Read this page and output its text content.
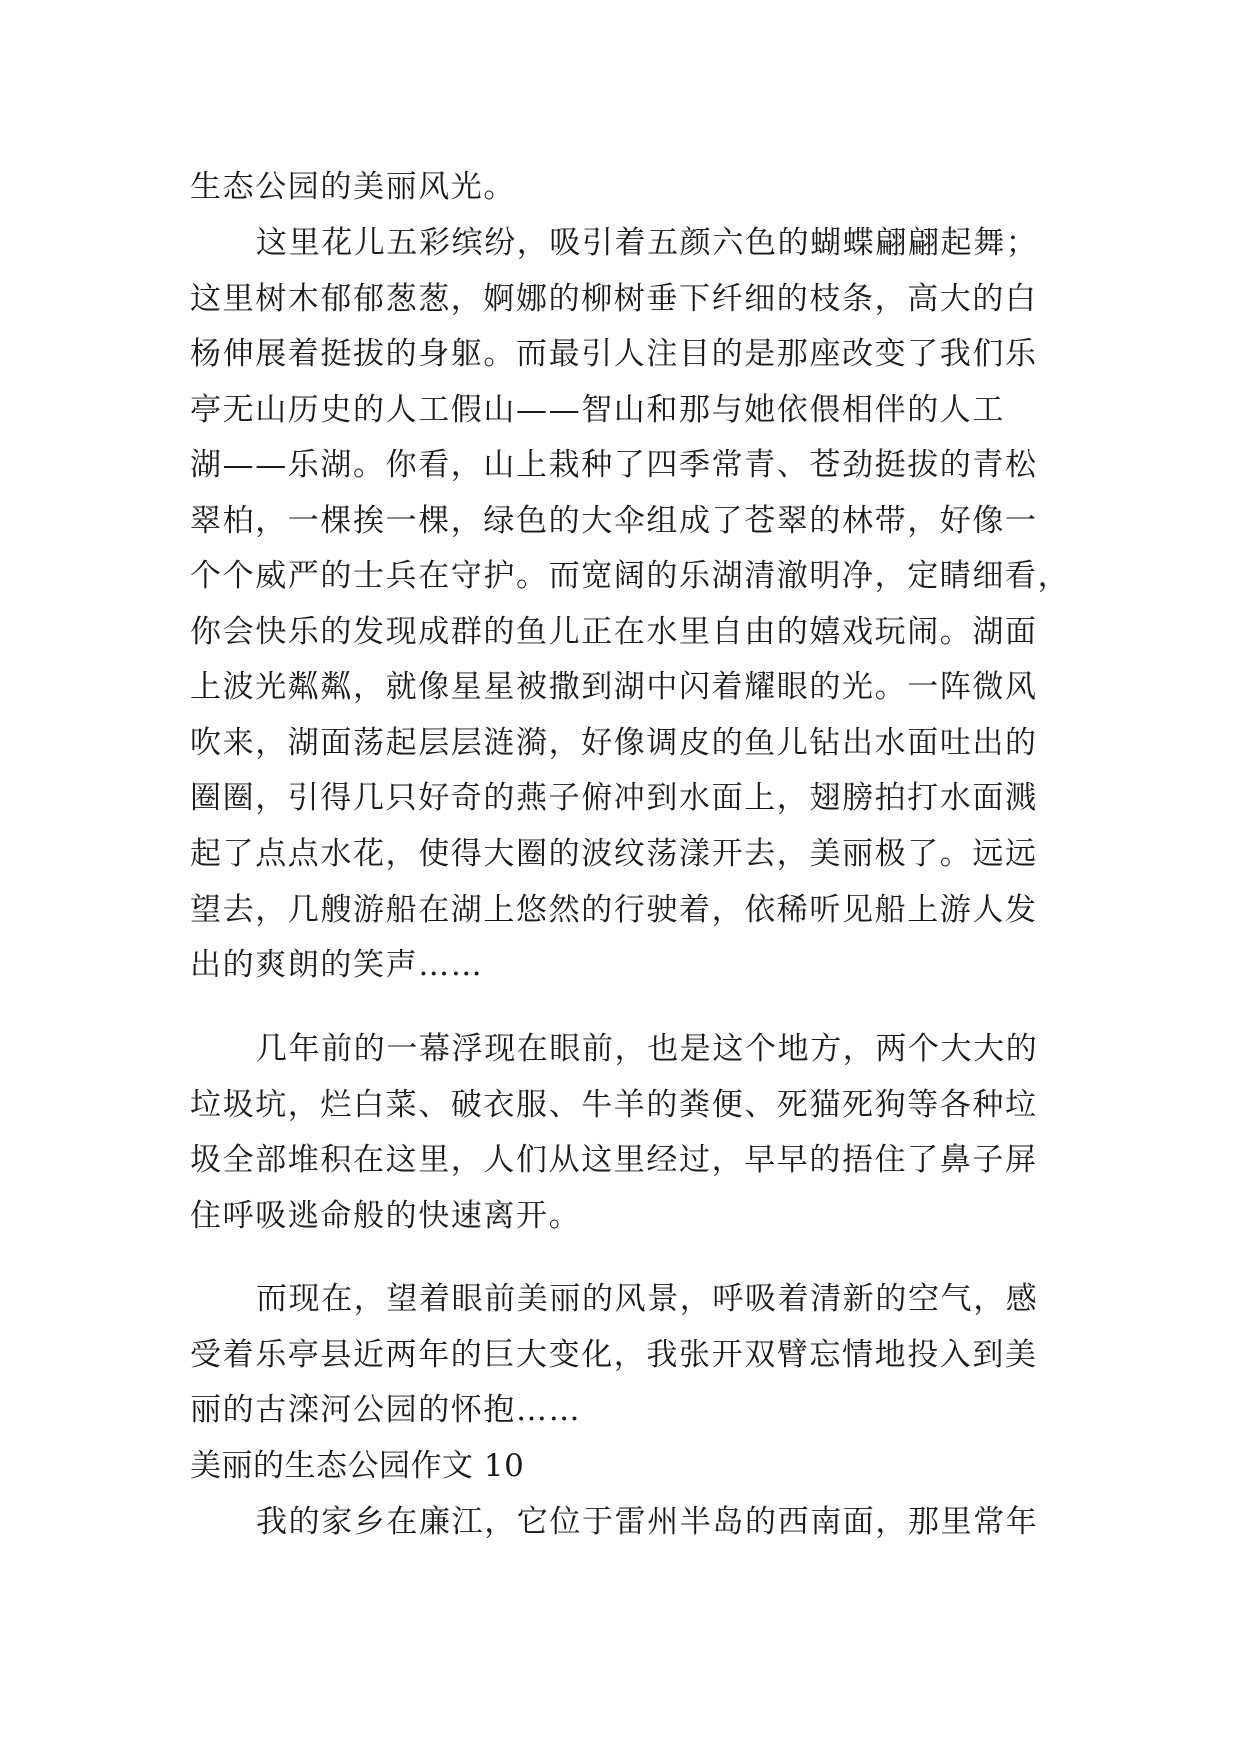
生态公园的美丽风光。
这里花儿五彩缤纷，吸引着五颜六色的蝴蝶翩翩起舞；
这里树木郁郁葱葱，婀娜的柳树垂下纤细的枝条，高大的白
杨伸展着挺拔的身躯。而最引人注目的是那座改变了我们乐
亭无山历史的人工假山——智山和那与她依偎相伴的人工
湖——乐湖。你看，山上栽种了四季常青、苍劲挺拔的青松
翠柏，一棵挨一棵，绿色的大伞组成了苍翠的林带，好像一
个个威严的士兵在守护。而宽阔的乐湖清澈明净，定睛细看，
你会快乐的发现成群的鱼儿正在水里自由的嬉戏玩闹。湖面
上波光粼粼，就像星星被撒到湖中闪着耀眼的光。一阵微风
吹来，湖面荡起层层涟漪，好像调皮的鱼儿钻出水面吐出的
圈圈，引得几只好奇的燕子俯冲到水面上，翅膀拍打水面溅
起了点点水花，使得大圈的波纹荡漾开去，美丽极了。远远
望去，几艘游船在湖上悠然的行驶着，依稀听见船上游人发
出的爽朗的笑声……
几年前的一幕浮现在眼前，也是这个地方，两个大大的
垃圾坑，烂白菜、破衣服、牛羊的粪便、死猫死狗等各种垃
圾全部堆积在这里，人们从这里经过，早早的捂住了鼻子屏
住呼吸逃命般的快速离开。
而现在，望着眼前美丽的风景，呼吸着清新的空气，感
受着乐亭县近两年的巨大变化，我张开双臂忘情地投入到美
丽的古滦河公园的怀抱……
美丽的生态公园作文 10
我的家乡在廉江，它位于雷州半岛的西南面，那里常年
